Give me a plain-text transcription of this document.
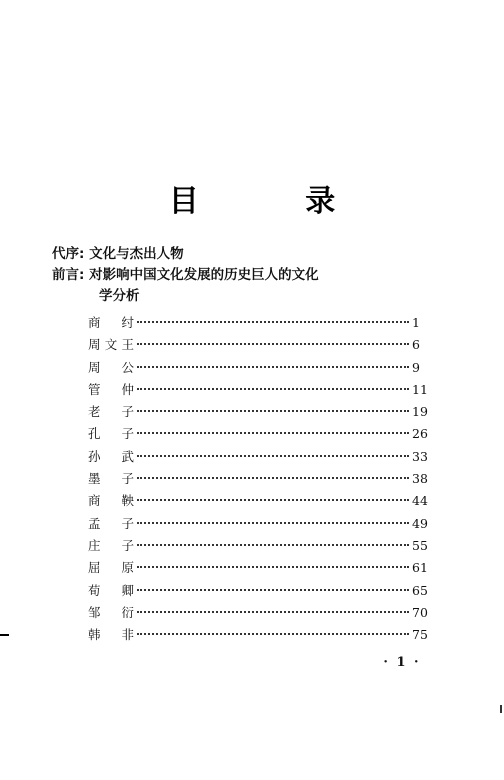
目 录
代序: 文化与杰出人物
前言: 对影响中国文化发展的历史巨人的文化
学分析
商 纣	1
周 文 王	6
周 公	9
管 仲	11
老 子	19
孔 子	26
孙 武	33
墨 子	38
商 鞅	44
孟 子	49
庄 子	55
屈 原	61
荀 卿	65
邹 衍	70
韩 非	75
· 1 ·
